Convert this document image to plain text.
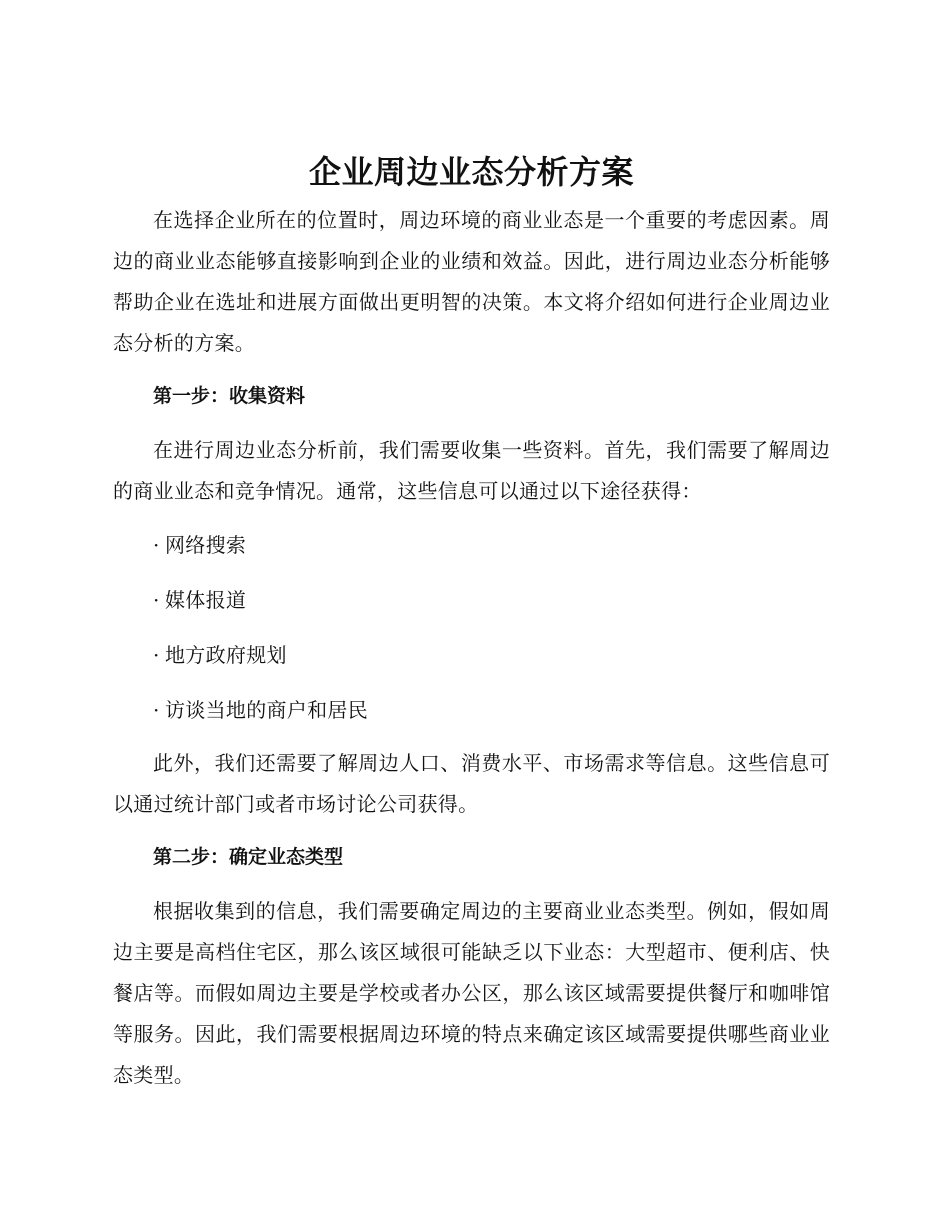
企业周边业态分析方案

在选择企业所在的位置时，周边环境的商业业态是一个重要的考虑因素。周边的商业业态能够直接影响到企业的业绩和效益。因此，进行周边业态分析能够帮助企业在选址和进展方面做出更明智的决策。本文将介绍如何进行企业周边业态分析的方案。

第一步：收集资料

在进行周边业态分析前，我们需要收集一些资料。首先，我们需要了解周边的商业业态和竞争情况。通常，这些信息可以通过以下途径获得：

· 网络搜索
· 媒体报道
· 地方政府规划
· 访谈当地的商户和居民

此外，我们还需要了解周边人口、消费水平、市场需求等信息。这些信息可以通过统计部门或者市场讨论公司获得。

第二步：确定业态类型

根据收集到的信息，我们需要确定周边的主要商业业态类型。例如，假如周边主要是高档住宅区，那么该区域很可能缺乏以下业态：大型超市、便利店、快餐店等。而假如周边主要是学校或者办公区，那么该区域需要提供餐厅和咖啡馆等服务。因此，我们需要根据周边环境的特点来确定该区域需要提供哪些商业业态类型。
